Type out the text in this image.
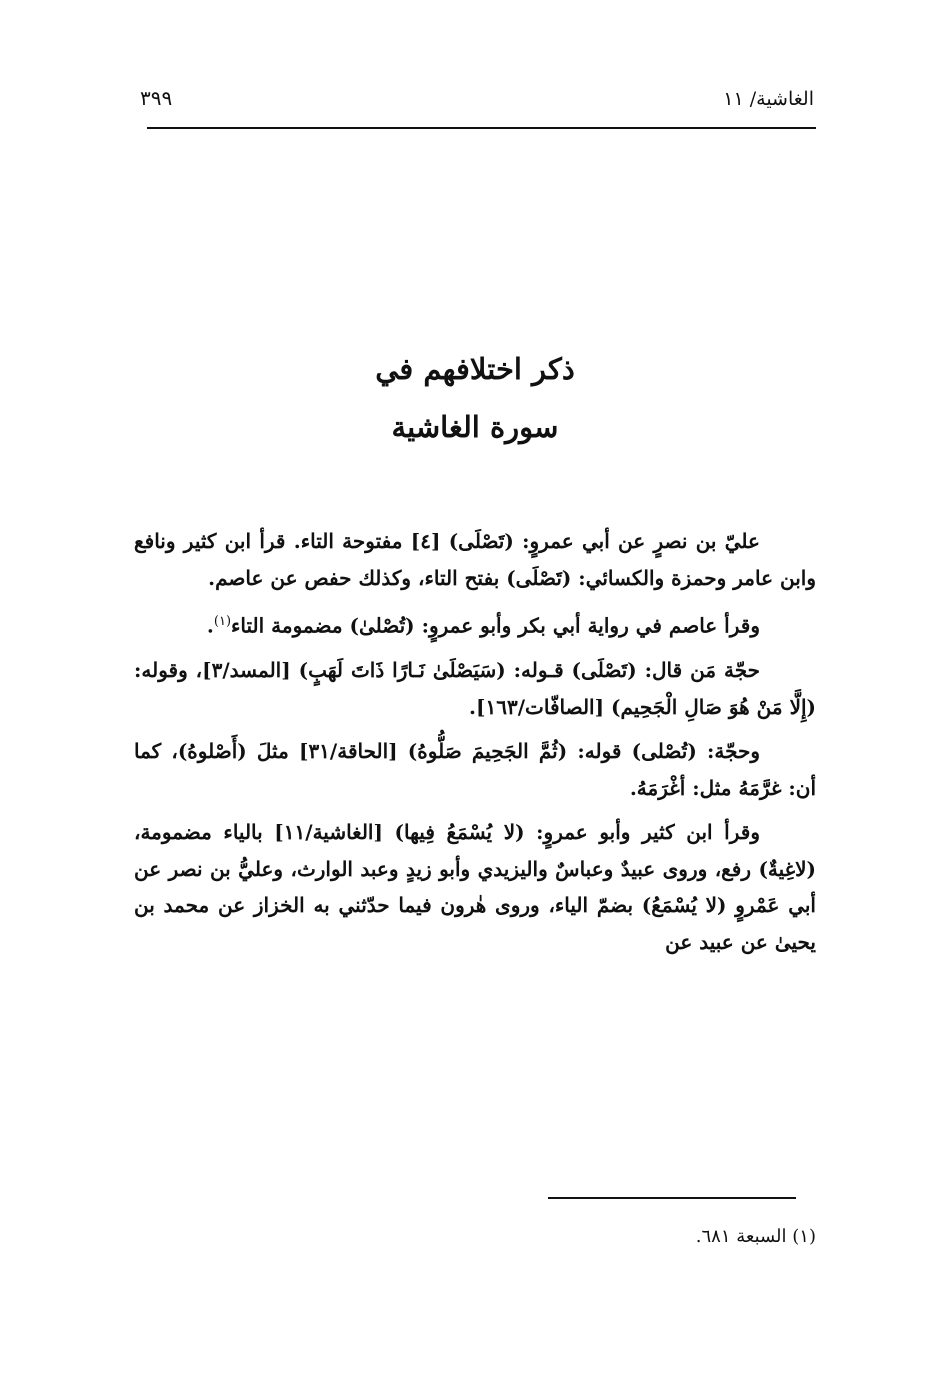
الغاشية/ ١١
٣٩٩
ذكر اختلافهم في
سورة الغاشية

عليّ بن نصرٍ عن أبي عمروٍ: (تَصْلَى) [٤] مفتوحة التاء. قرأ ابن كثير ونافع وابن عامر وحمزة والكسائي: (تَصْلَى) بفتح التاء، وكذلك حفص عن عاصم.

وقرأ عاصم في رواية أبي بكر وأبو عمروٍ: (تُصْلىٰ) مضمومة التاء$^{(١)}$.

حجّة مَن قال: (تَصْلَى) قـوله: (سَيَصْلَىٰ نَـارًا ذَاتَ لَهَبٍ) [المسد/٣]، وقوله: (إِلَّا مَنْ هُوَ صَالِ الْجَحِيم) [الصافّات/١٦٣].

وحجّة: (تُصْلى) قوله: (ثُمَّ الجَحِيمَ صَلُّوهُ) [الحاقة/٣١] مثلَ (أَصْلوهُ)، كما أن: غرَّمَهُ مثل: أغْرَمَهُ.

وقرأ ابن كثير وأبو عمروٍ: (لا يُسْمَعُ فِيها) [الغاشية/١١] بالياء مضمومة، (لاغِيةٌ) رفع، وروى عبيدٌ وعباسٌ واليزيدي وأبو زيدٍ وعبد الوارث، وعليُّ بن نصر عن أبي عَمْروٍ (لا يُسْمَعُ) بضمّ الياء، وروى هٰرون فيما حدّثني به الخزاز عن محمد بن يحيىٰ عن عبيد عن

(١) السبعة ٦٨١.
